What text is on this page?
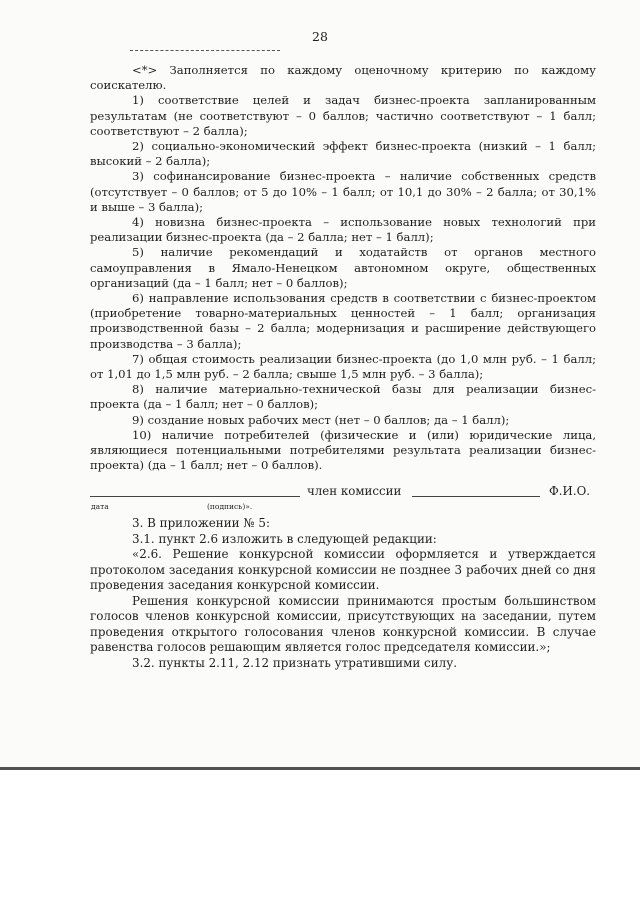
28

<*> Заполняется по каждому оценочному критерию по каждому соискателю.

1) соответствие целей и задач бизнес-проекта запланированным результатам (не соответствуют – 0 баллов; частично соответствуют – 1 балл; соответствуют – 2 балла);

2) социально-экономический эффект бизнес-проекта (низкий – 1 балл; высокий – 2 балла);

3) софинансирование бизнес-проекта – наличие собственных средств (отсутствует – 0 баллов; от 5 до 10% – 1 балл; от 10,1 до 30% – 2 балла; от 30,1% и выше – 3 балла);

4) новизна бизнес-проекта – использование новых технологий при реализации бизнес-проекта (да – 2 балла; нет – 1 балл);

5) наличие рекомендаций и ходатайств от органов местного самоуправления в Ямало-Ненецком автономном округе, общественных организаций (да – 1 балл; нет – 0 баллов);

6) направление использования средств в соответствии с бизнес-проектом (приобретение товарно-материальных ценностей – 1 балл; организация производственной базы – 2 балла; модернизация и расширение действующего производства – 3 балла);

7) общая стоимость реализации бизнес-проекта (до 1,0 млн руб. – 1 балл; от 1,01 до 1,5 млн руб. – 2 балла; свыше 1,5 млн руб. – 3 балла);

8) наличие материально-технической базы для реализации бизнес-проекта (да – 1 балл; нет – 0 баллов);

9) создание новых рабочих мест (нет – 0 баллов; да – 1 балл);

10) наличие потребителей (физические и (или) юридические лица, являющиеся потенциальными потребителями результата реализации бизнес-проекта) (да – 1 балл; нет – 0 баллов).

член комиссии	Ф.И.О.
дата	(подпись)».

3. В приложении № 5:

3.1. пункт 2.6 изложить в следующей редакции:

«2.6. Решение конкурсной комиссии оформляется и утверждается протоколом заседания конкурсной комиссии не позднее 3 рабочих дней со дня проведения заседания конкурсной комиссии.

Решения конкурсной комиссии принимаются простым большинством голосов членов конкурсной комиссии, присутствующих на заседании, путем проведения открытого голосования членов конкурсной комиссии. В случае равенства голосов решающим является голос председателя комиссии.»;

3.2. пункты 2.11, 2.12 признать утратившими силу.
